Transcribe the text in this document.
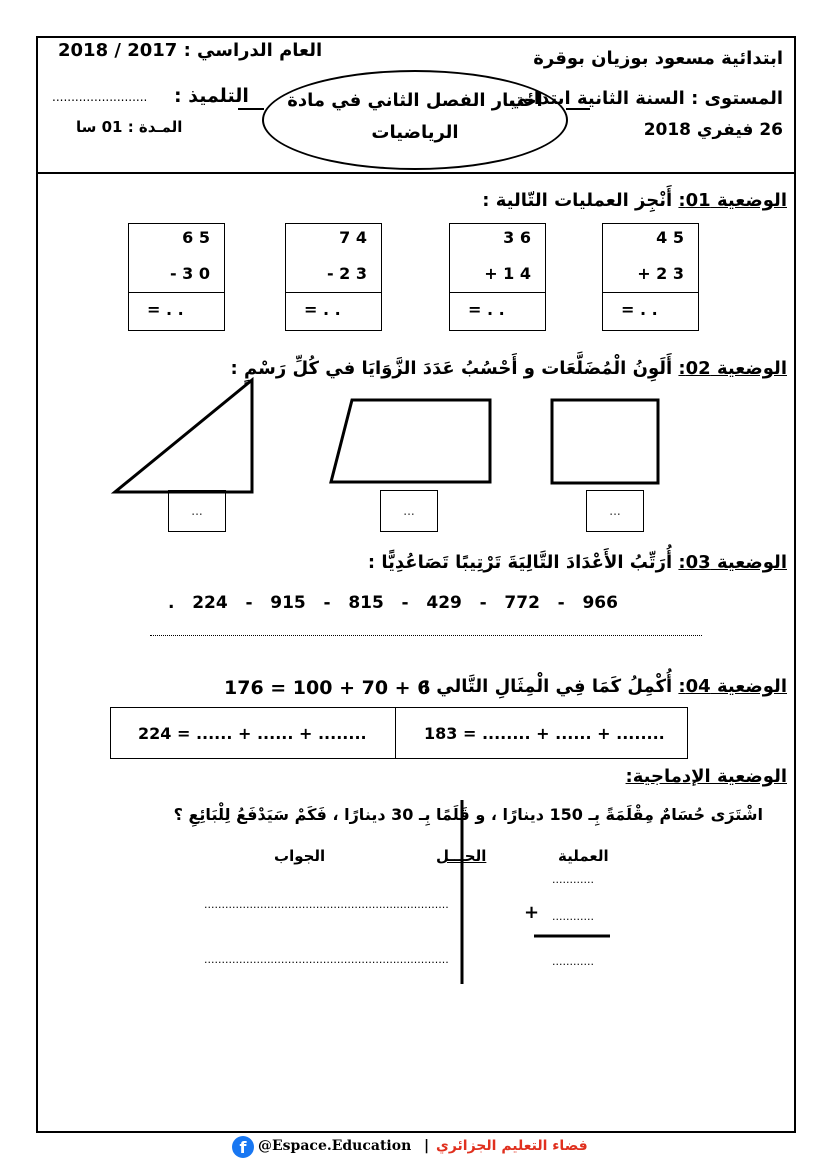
ابتدائية مسعود بوزيان بوقرة
المستوى : السنة الثانية ابتدائي
26 فيفري 2018
العام الدراسي : 2017 / 2018
التلميذ :
.........................
المـدة : 01 سا
اختبار الفصل الثاني في مادة
الرياضيات
الوضعية 01: أَنْجِز العمليات التّالية :
4 5
+ 2 3
= . .
3 6
+ 1 4
= . .
7 4
- 2 3
= . .
6 5
- 3 0
= . .
الوضعية 02: أَلَوِنُ الْمُضَلَّعَات و أَحْسُبُ عَدَدَ الزَّوَايَا في كُلِّ رَسْمٍ :
...	...	...
الوضعية 03: أُرَتِّبُ الأَعْدَادَ التَّالِيَةَ تَرْتِيبًا تَصَاعُدِيًّا :
.   224   -   915   -   815   -   429   -   772   -   966
الوضعية 04: أُكْمِلُ كَمَا فِي الْمِثَالِ التَّالي :
176 = 100 + 70 + 6
224 = ...... + ...... + ........	183 = ........ + ...... + ........
الوضعية الإدماجية:
اشْتَرَى حُسَامٌ مِقْلَمَةً بِـ 150 دينارًا ، و قَلَمًا بِـ 30 دينارًا ، فَكَمْ سَيَدْفَعُ لِلْبَائِعِ ؟
العملية
الحـــل
الجواب
............
+ ............
............
......................................................................
......................................................................
f @Espace.Education | فضاء التعليم الجزائري
